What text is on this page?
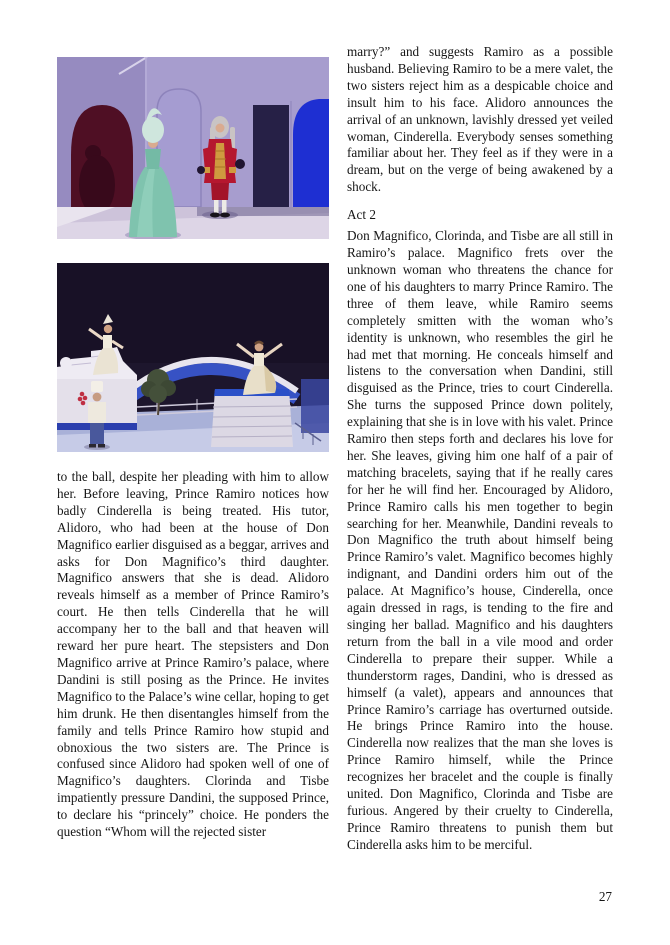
to the ball, despite her pleading with him to allow her. Before leaving, Prince Ramiro notices how badly Cinderella is being treated. His tutor, Alidoro, who had been at the house of Don Magnifico earlier disguised as a beggar, arrives and asks for Don Magnifico’s third daughter. Magnifico answers that she is dead. Alidoro reveals himself as a member of Prince Ramiro’s court. He then tells Cinderella that he will accompany her to the ball and that heaven will reward her pure heart. The stepsisters and Don Magnifico arrive at Prince Ramiro’s palace, where Dandini is still posing as the Prince. He invites Magnifico to the Palace’s wine cellar, hoping to get him drunk. He then disentangles himself from the family and tells Prince Ramiro how stupid and obnoxious the two sisters are. The Prince is confused since Alidoro had spoken well of one of Magnifico’s daughters. Clorinda and Tisbe impatiently pressure Dandini, the supposed Prince, to declare his “princely” choice. He ponders the question “Whom will the rejected sister

marry?” and suggests Ramiro as a possible husband. Believing Ramiro to be a mere valet, the two sisters reject him as a despicable choice and insult him to his face. Alidoro announces the arrival of an unknown, lavishly dressed yet veiled woman, Cinderella. Everybody senses something familiar about her. They feel as if they were in a dream, but on the verge of being awakened by a shock.

Act 2

Don Magnifico, Clorinda, and Tisbe are all still in Ramiro’s palace. Magnifico frets over the unknown woman who threatens the chance for one of his daughters to marry Prince Ramiro. The three of them leave, while Ramiro seems completely smitten with the woman who’s identity is unknown, who resembles the girl he had met that morning. He conceals himself and listens to the conversation when Dandini, still disguised as the Prince, tries to court Cinderella. She turns the supposed Prince down politely, explaining that she is in love with his valet. Prince Ramiro then steps forth and declares his love for her. She leaves, giving him one half of a pair of matching bracelets, saying that if he really cares for her he will find her. Encouraged by Alidoro, Prince Ramiro calls his men together to begin searching for her. Meanwhile, Dandini reveals to Don Magnifico the truth about himself being Prince Ramiro’s valet. Magnifico becomes highly indignant, and Dandini orders him out of the palace. At Magnifico’s house, Cinderella, once again dressed in rags, is tending to the fire and singing her ballad. Magnifico and his daughters return from the ball in a vile mood and order Cinderella to prepare their supper. While a thunderstorm rages, Dandini, who is dressed as himself (a valet), appears and announces that Prince Ramiro’s carriage has overturned outside. He brings Prince Ramiro into the house. Cinderella now realizes that the man she loves is Prince Ramiro himself, while the Prince recognizes her bracelet and the couple is finally united. Don Magnifico, Clorinda and Tisbe are furious. Angered by their cruelty to Cinderella, Prince Ramiro threatens to punish them but Cinderella asks him to be merciful.

27
